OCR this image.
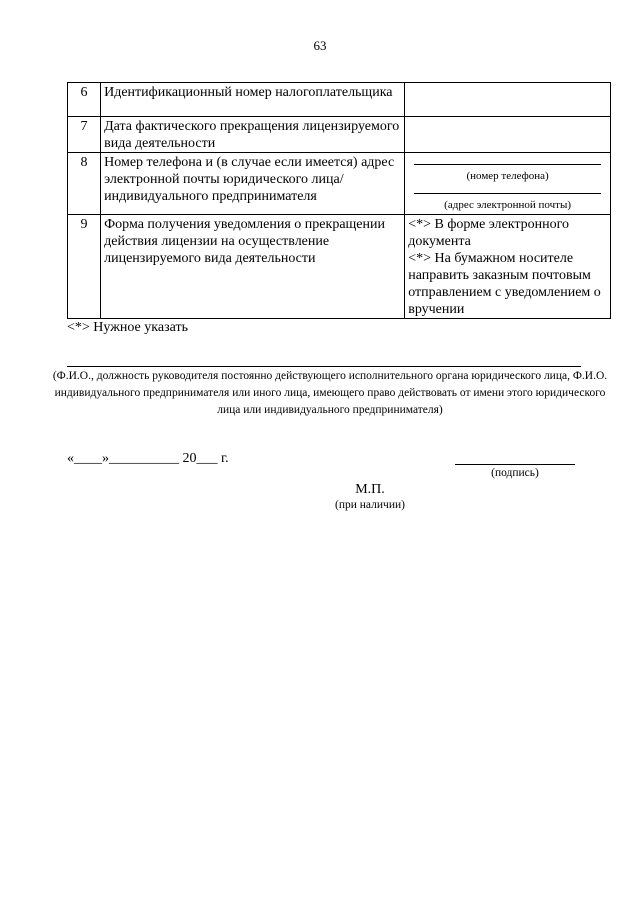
63
6	Идентификационный номер налогоплательщика	
7	Дата фактического прекращения лицензируемого вида деятельности	
8	Номер телефона и (в случае если имеется) адрес электронной почты юридического лица/индивидуального предпринимателя	(номер телефона)
(адрес электронной почты)

9	Форма получения уведомления о прекращении действия лицензии на осуществление лицензируемого вида деятельности	<*> В форме электронного документа
<*> На бумажном носителе направить заказным почтовым отправлением с уведомлением о вручении
<*> Нужное указать
(Ф.И.О., должность руководителя постоянно действующего исполнительного органа юридического лица, Ф.И.О. индивидуального предпринимателя или иного лица, имеющего право действовать от имени этого юридического лица или индивидуального предпринимателя)
«____»__________ 20___ г.
(подпись)
М.П.
(при наличии)
